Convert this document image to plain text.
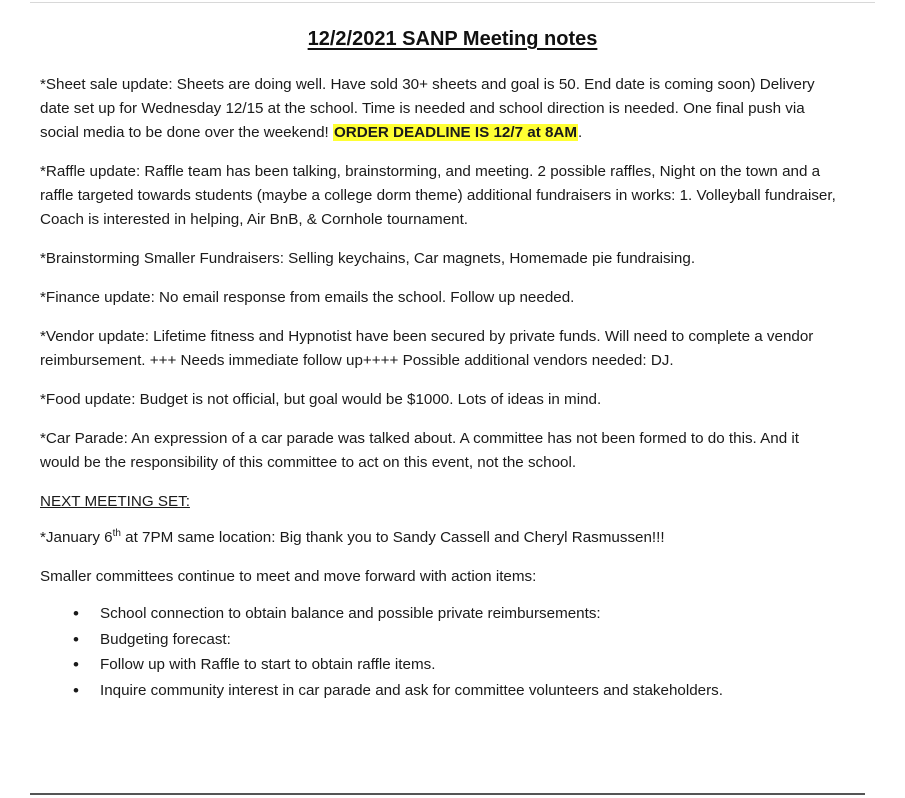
12/2/2021 SANP Meeting notes

*Sheet sale update: Sheets are doing well. Have sold 30+ sheets and goal is 50. End date is coming soon) Delivery date set up for Wednesday 12/15 at the school. Time is needed and school direction is needed. One final push via social media to be done over the weekend! ORDER DEADLINE IS 12/7 at 8AM.

*Raffle update: Raffle team has been talking, brainstorming, and meeting. 2 possible raffles, Night on the town and a raffle targeted towards students (maybe a college dorm theme) additional fundraisers in works: 1. Volleyball fundraiser, Coach is interested in helping, Air BnB, & Cornhole tournament.

*Brainstorming Smaller Fundraisers: Selling keychains, Car magnets, Homemade pie fundraising.

*Finance update: No email response from emails the school. Follow up needed.

*Vendor update: Lifetime fitness and Hypnotist have been secured by private funds. Will need to complete a vendor reimbursement. +++ Needs immediate follow up++++ Possible additional vendors needed: DJ.

*Food update: Budget is not official, but goal would be $1000. Lots of ideas in mind.

*Car Parade: An expression of a car parade was talked about. A committee has not been formed to do this. And it would be the responsibility of this committee to act on this event, not the school.

NEXT MEETING SET:

*January 6th at 7PM same location: Big thank you to Sandy Cassell and Cheryl Rasmussen!!!

Smaller committees continue to meet and move forward with action items:

• School connection to obtain balance and possible private reimbursements:
• Budgeting forecast:
• Follow up with Raffle to start to obtain raffle items.
• Inquire community interest in car parade and ask for committee volunteers and stakeholders.
